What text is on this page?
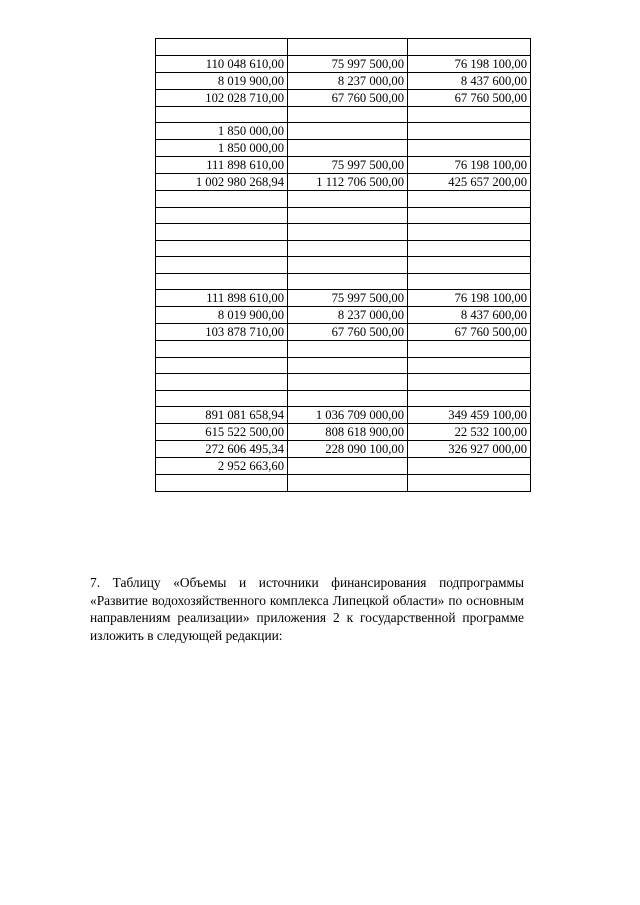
110 048 610,00	75 997 500,00	76 198 100,00
8 019 900,00	8 237 000,00	8 437 600,00
102 028 710,00	67 760 500,00	67 760 500,00

1 850 000,00		
1 850 000,00		
111 898 610,00	75 997 500,00	76 198 100,00
1 002 980 268,94	1 112 706 500,00	425 657 200,00

111 898 610,00	75 997 500,00	76 198 100,00
8 019 900,00	8 237 000,00	8 437 600,00
103 878 710,00	67 760 500,00	67 760 500,00

891 081 658,94	1 036 709 000,00	349 459 100,00
615 522 500,00	808 618 900,00	22 532 100,00
272 606 495,34	228 090 100,00	326 927 000,00
2 952 663,60		

7. Таблицу «Объемы и источники финансирования подпрограммы «Развитие водохозяйственного комплекса Липецкой области» по основным направлениям реализации» приложения 2 к государственной программе изложить в следующей редакции:
